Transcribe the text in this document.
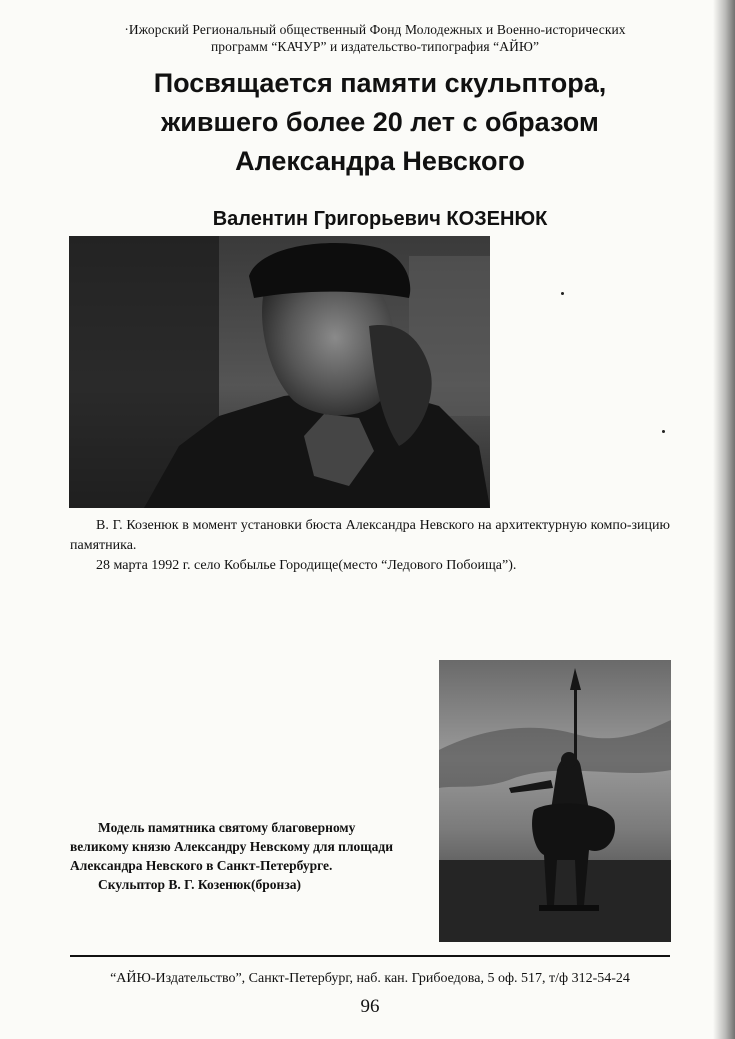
·Ижорский Региональный общественный Фонд Молодежных и Военно-исторических
программ “КАЧУР” и издательство-типография “АЙЮ”
Посвящается памяти скульптора,
жившего более 20 лет с образом
Александра Невского
Валентин Григорьевич КОЗЕНЮК

В. Г. Козенюк в момент установки бюста Александра Невского на архитектурную компо-зицию памятника.

28 марта 1992 г. село Кобылье Городище(место “Ледового Побоища”).

Модель памятника святому благоверному

великому князю Александру Невскому для площади

Александра Невского в Санкт-Петербурге.

Скульптор В. Г. Козенюк(бронза)

“АЙЮ-Издательство”, Санкт-Петербург, наб. кан. Грибоедова, 5 оф. 517, т/ф 312-54-24
96
